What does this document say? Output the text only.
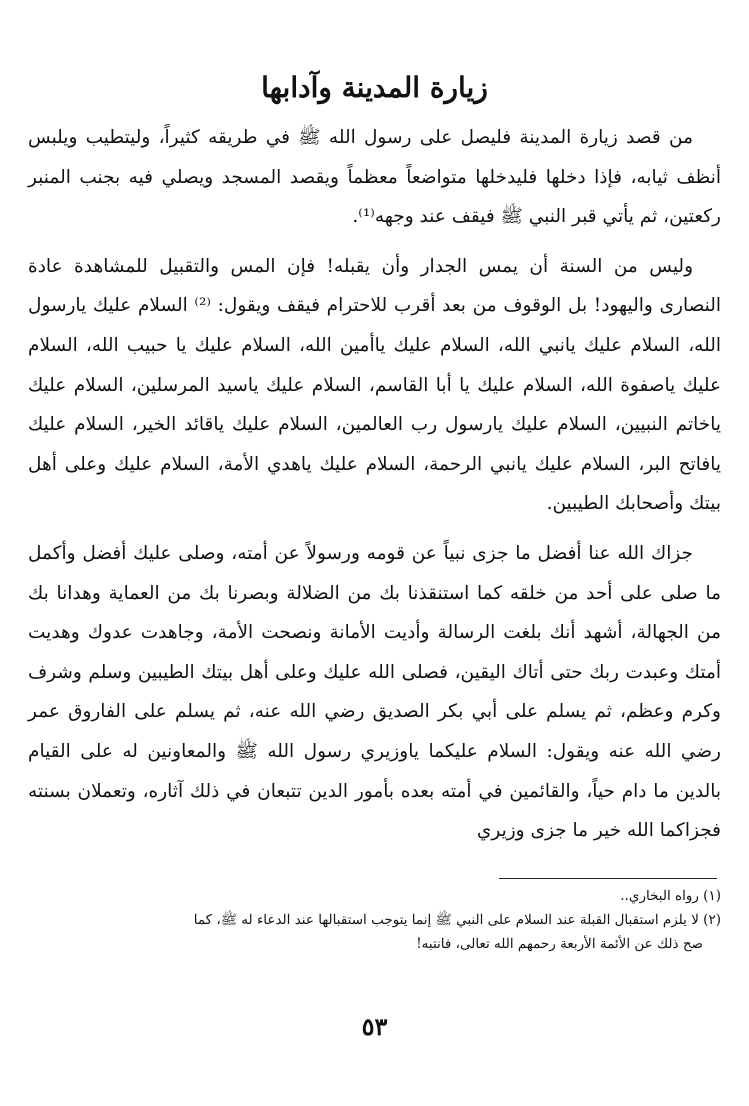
زيارة المدينة وآدابها

من قصد زيارة المدينة فليصل على رسول الله ﷺ في طريقه كثيراً، وليتطيب ويلبس أنظف ثيابه، فإذا دخلها فليدخلها متواضعاً معظماً ويقصد المسجد ويصلي فيه بجنب المنبر ركعتين، ثم يأتي قبر النبي ﷺ فيقف عند وجهه⁽¹⁾.

وليس من السنة أن يمس الجدار وأن يقبله! فإن المس والتقبيل للمشاهدة عادة النصارى واليهود! بل الوقوف من بعد أقرب للاحترام فيقف ويقول: ⁽²⁾ السلام عليك يارسول الله، السلام عليك يانبي الله، السلام عليك ياأمين الله، السلام عليك يا حبيب الله، السلام عليك ياصفوة الله، السلام عليك يا أبا القاسم، السلام عليك ياسيد المرسلين، السلام عليك ياخاتم النبيين، السلام عليك يارسول رب العالمين، السلام عليك ياقائد الخير، السلام عليك يافاتح البر، السلام عليك يانبي الرحمة، السلام عليك ياهدي الأمة، السلام عليك وعلى أهل بيتك وأصحابك الطيبين.

جزاك الله عنا أفضل ما جزى نبياً عن قومه ورسولاً عن أمته، وصلى عليك أفضل وأكمل ما صلى على أحد من خلقه كما استنقذنا بك من الضلالة وبصرنا بك من العماية وهدانا بك من الجهالة، أشهد أنك بلغت الرسالة وأديت الأمانة ونصحت الأمة، وجاهدت عدوك وهديت أمتك وعبدت ربك حتى أتاك اليقين، فصلى الله عليك وعلى أهل بيتك الطيبين وسلم وشرف وكرم وعظم، ثم يسلم على أبي بكر الصديق رضي الله عنه، ثم يسلم على الفاروق عمر رضي الله عنه ويقول: السلام عليكما ياوزيري رسول الله ﷺ والمعاونين له على القيام بالدين ما دام حياً، والقائمين في أمته بعده بأمور الدين تتبعان في ذلك آثاره، وتعملان بسنته فجزاكما الله خير ما جزى وزيري

(١) رواه البخاري..

(٢) لا يلزم استقبال القبلة عند السلام على النبي ﷺ إنما يتوجب استقبالها عند الدعاء له ﷺ، كما

صح ذلك عن الأئمة الأربعة رحمهم الله تعالى، فانتبه!

٥٣
